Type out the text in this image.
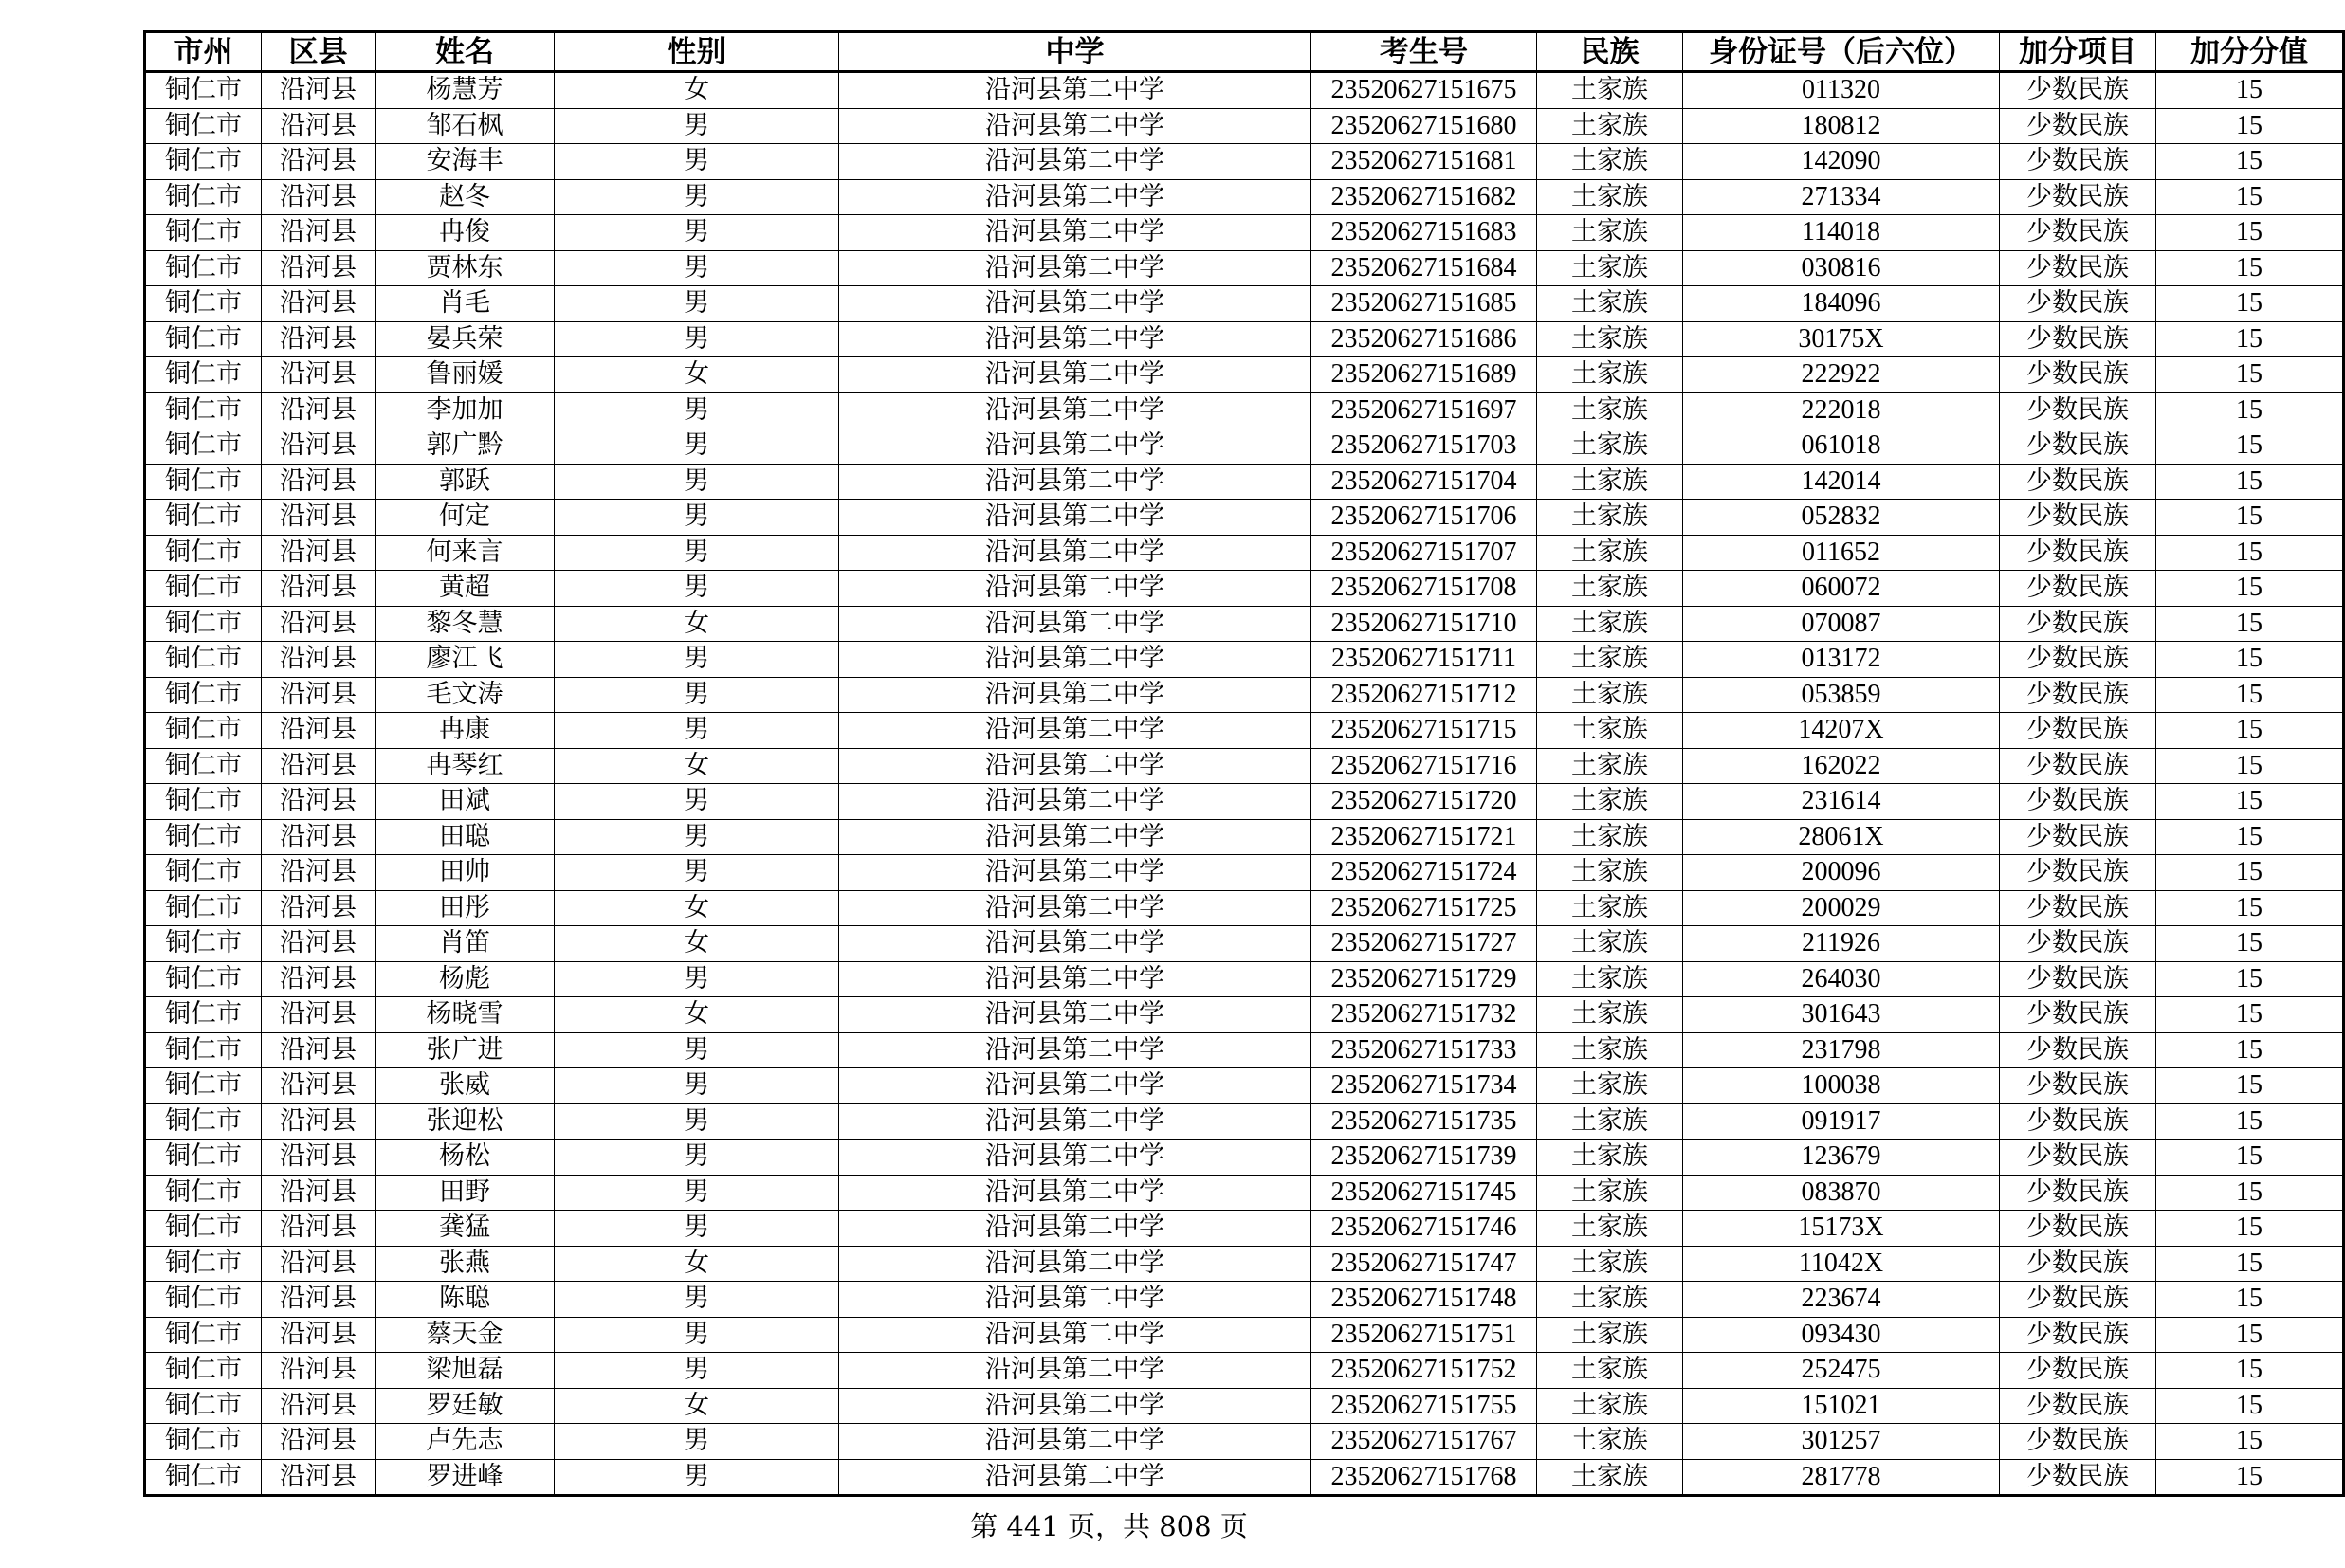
市州	区县	姓名	性别	中学	考生号	民族	身份证号（后六位）	加分项目	加分分值
铜仁市	沿河县	杨慧芳	女	沿河县第二中学	23520627151675	土家族	011320	少数民族	15
铜仁市	沿河县	邹石枫	男	沿河县第二中学	23520627151680	土家族	180812	少数民族	15
铜仁市	沿河县	安海丰	男	沿河县第二中学	23520627151681	土家族	142090	少数民族	15
铜仁市	沿河县	赵冬	男	沿河县第二中学	23520627151682	土家族	271334	少数民族	15
铜仁市	沿河县	冉俊	男	沿河县第二中学	23520627151683	土家族	114018	少数民族	15
铜仁市	沿河县	贾林东	男	沿河县第二中学	23520627151684	土家族	030816	少数民族	15
铜仁市	沿河县	肖毛	男	沿河县第二中学	23520627151685	土家族	184096	少数民族	15
铜仁市	沿河县	晏兵荣	男	沿河县第二中学	23520627151686	土家族	30175X	少数民族	15
铜仁市	沿河县	鲁丽媛	女	沿河县第二中学	23520627151689	土家族	222922	少数民族	15
铜仁市	沿河县	李加加	男	沿河县第二中学	23520627151697	土家族	222018	少数民族	15
铜仁市	沿河县	郭广黔	男	沿河县第二中学	23520627151703	土家族	061018	少数民族	15
铜仁市	沿河县	郭跃	男	沿河县第二中学	23520627151704	土家族	142014	少数民族	15
铜仁市	沿河县	何定	男	沿河县第二中学	23520627151706	土家族	052832	少数民族	15
铜仁市	沿河县	何来言	男	沿河县第二中学	23520627151707	土家族	011652	少数民族	15
铜仁市	沿河县	黄超	男	沿河县第二中学	23520627151708	土家族	060072	少数民族	15
铜仁市	沿河县	黎冬慧	女	沿河县第二中学	23520627151710	土家族	070087	少数民族	15
铜仁市	沿河县	廖江飞	男	沿河县第二中学	23520627151711	土家族	013172	少数民族	15
铜仁市	沿河县	毛文涛	男	沿河县第二中学	23520627151712	土家族	053859	少数民族	15
铜仁市	沿河县	冉康	男	沿河县第二中学	23520627151715	土家族	14207X	少数民族	15
铜仁市	沿河县	冉琴红	女	沿河县第二中学	23520627151716	土家族	162022	少数民族	15
铜仁市	沿河县	田斌	男	沿河县第二中学	23520627151720	土家族	231614	少数民族	15
铜仁市	沿河县	田聪	男	沿河县第二中学	23520627151721	土家族	28061X	少数民族	15
铜仁市	沿河县	田帅	男	沿河县第二中学	23520627151724	土家族	200096	少数民族	15
铜仁市	沿河县	田彤	女	沿河县第二中学	23520627151725	土家族	200029	少数民族	15
铜仁市	沿河县	肖笛	女	沿河县第二中学	23520627151727	土家族	211926	少数民族	15
铜仁市	沿河县	杨彪	男	沿河县第二中学	23520627151729	土家族	264030	少数民族	15
铜仁市	沿河县	杨晓雪	女	沿河县第二中学	23520627151732	土家族	301643	少数民族	15
铜仁市	沿河县	张广进	男	沿河县第二中学	23520627151733	土家族	231798	少数民族	15
铜仁市	沿河县	张威	男	沿河县第二中学	23520627151734	土家族	100038	少数民族	15
铜仁市	沿河县	张迎松	男	沿河县第二中学	23520627151735	土家族	091917	少数民族	15
铜仁市	沿河县	杨松	男	沿河县第二中学	23520627151739	土家族	123679	少数民族	15
铜仁市	沿河县	田野	男	沿河县第二中学	23520627151745	土家族	083870	少数民族	15
铜仁市	沿河县	龚猛	男	沿河县第二中学	23520627151746	土家族	15173X	少数民族	15
铜仁市	沿河县	张燕	女	沿河县第二中学	23520627151747	土家族	11042X	少数民族	15
铜仁市	沿河县	陈聪	男	沿河县第二中学	23520627151748	土家族	223674	少数民族	15
铜仁市	沿河县	蔡天金	男	沿河县第二中学	23520627151751	土家族	093430	少数民族	15
铜仁市	沿河县	梁旭磊	男	沿河县第二中学	23520627151752	土家族	252475	少数民族	15
铜仁市	沿河县	罗廷敏	女	沿河县第二中学	23520627151755	土家族	151021	少数民族	15
铜仁市	沿河县	卢先志	男	沿河县第二中学	23520627151767	土家族	301257	少数民族	15
铜仁市	沿河县	罗进峰	男	沿河县第二中学	23520627151768	土家族	281778	少数民族	15
第 441 页，共 808 页
